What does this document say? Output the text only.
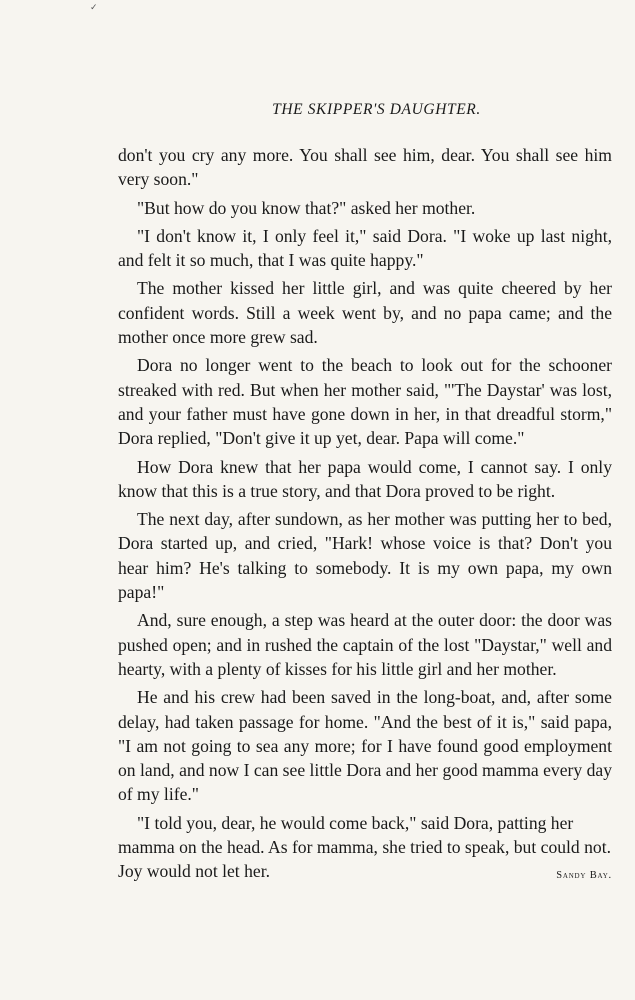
✓
THE SKIPPER'S DAUGHTER.

don't you cry any more. You shall see him, dear. You shall see him very soon."

"But how do you know that?" asked her mother.

"I don't know it, I only feel it," said Dora. "I woke up last night, and felt it so much, that I was quite happy."

The mother kissed her little girl, and was quite cheered by her confident words. Still a week went by, and no papa came; and the mother once more grew sad.

Dora no longer went to the beach to look out for the schooner streaked with red. But when her mother said, "'The Daystar' was lost, and your father must have gone down in her, in that dreadful storm," Dora replied, "Don't give it up yet, dear. Papa will come."

How Dora knew that her papa would come, I cannot say. I only know that this is a true story, and that Dora proved to be right.

The next day, after sundown, as her mother was putting her to bed, Dora started up, and cried, "Hark! whose voice is that? Don't you hear him? He's talking to somebody. It is my own papa, my own papa!"

And, sure enough, a step was heard at the outer door: the door was pushed open; and in rushed the captain of the lost "Daystar," well and hearty, with a plenty of kisses for his little girl and her mother.

He and his crew had been saved in the long-boat, and, after some delay, had taken passage for home. "And the best of it is," said papa, "I am not going to sea any more; for I have found good employment on land, and now I can see little Dora and her good mamma every day of my life."

"I told you, dear, he would come back," said Dora, patting her mamma on the head. As for mamma, she tried to speak, but could not. Joy would not let her.	Sandy Bay.
